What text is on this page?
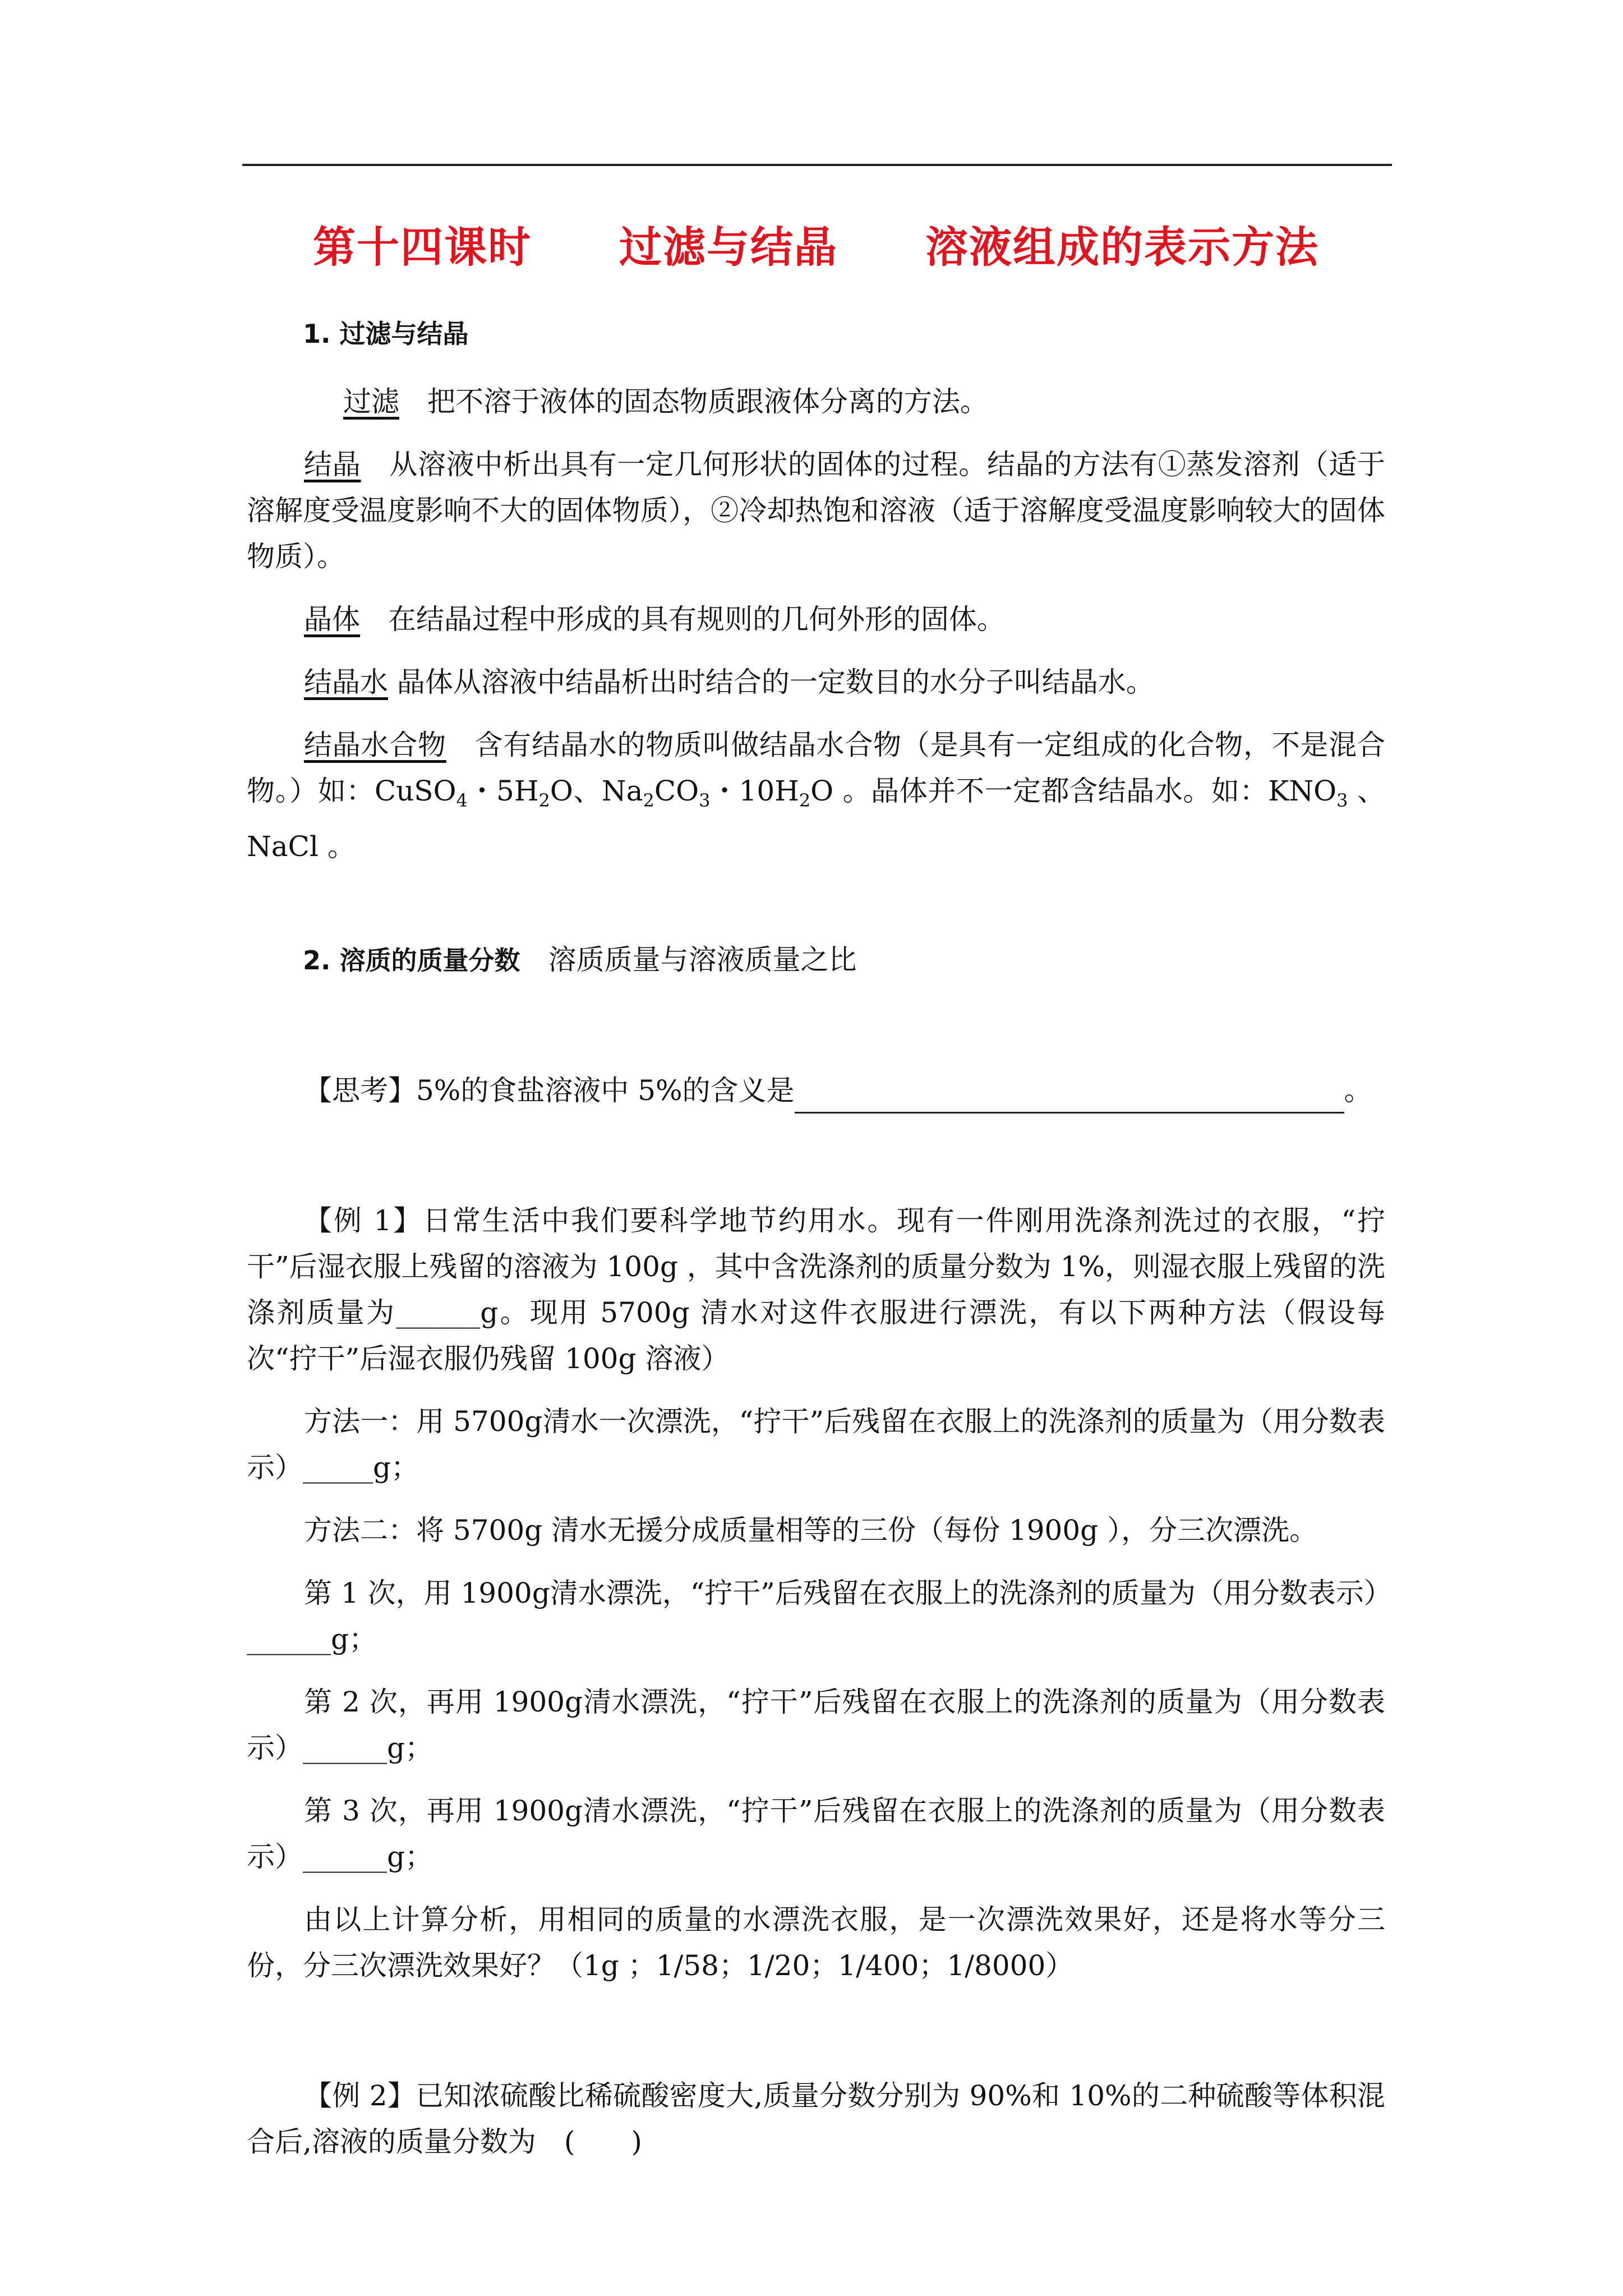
第十四课时　　过滤与结晶　　溶液组成的表示方法
1. 过滤与结晶

过滤　把不溶于液体的固态物质跟液体分离的方法。

结晶　从溶液中析出具有一定几何形状的固体的过程。结晶的方法有①蒸发溶剂（适于溶解度受温度影响不大的固体物质），②冷却热饱和溶液（适于溶解度受温度影响较大的固体物质）。

晶体　在结晶过程中形成的具有规则的几何外形的固体。

结晶水 晶体从溶液中结晶析出时结合的一定数目的水分子叫结晶水。

结晶水合物　含有结晶水的物质叫做结晶水合物（是具有一定组成的化合物，不是混合物。）如：CuSO$_4$・$5H_2O$、$Na_2CO_3$・$10H_2O$ 。晶体并不一定都含结晶水。如：$KNO_3$ 、NaCl 。

2. 溶质的质量分数　溶质质量与溶液质量之比

【思考】5%的食盐溶液中 5%的含义是	。

【例 1】日常生活中我们要科学地节约用水。现有一件刚用洗涤剂洗过的衣服，“拧干”后湿衣服上残留的溶液为 100g ，其中含洗涤剂的质量分数为 1%，则湿衣服上残留的洗涤剂质量为______g。现用 5700g 清水对这件衣服进行漂洗，有以下两种方法（假设每次“拧干”后湿衣服仍残留 100g 溶液）

方法一：用 5700g清水一次漂洗，“拧干”后残留在衣服上的洗涤剂的质量为（用分数表示）_____g；

方法二：将 5700g 清水无援分成质量相等的三份（每份 1900g ），分三次漂洗。

第 1 次，用 1900g清水漂洗，“拧干”后残留在衣服上的洗涤剂的质量为（用分数表示）______g；

第 2 次，再用 1900g清水漂洗，“拧干”后残留在衣服上的洗涤剂的质量为（用分数表示）______g；

第 3 次，再用 1900g清水漂洗，“拧干”后残留在衣服上的洗涤剂的质量为（用分数表示）______g；

由以上计算分析，用相同的质量的水漂洗衣服，是一次漂洗效果好，还是将水等分三份，分三次漂洗效果好？（1g ；1/58；1/20；1/400；1/8000）

【例 2】已知浓硫酸比稀硫酸密度大,质量分数分别为 90%和 10%的二种硫酸等体积混合后,溶液的质量分数为　(　　)
